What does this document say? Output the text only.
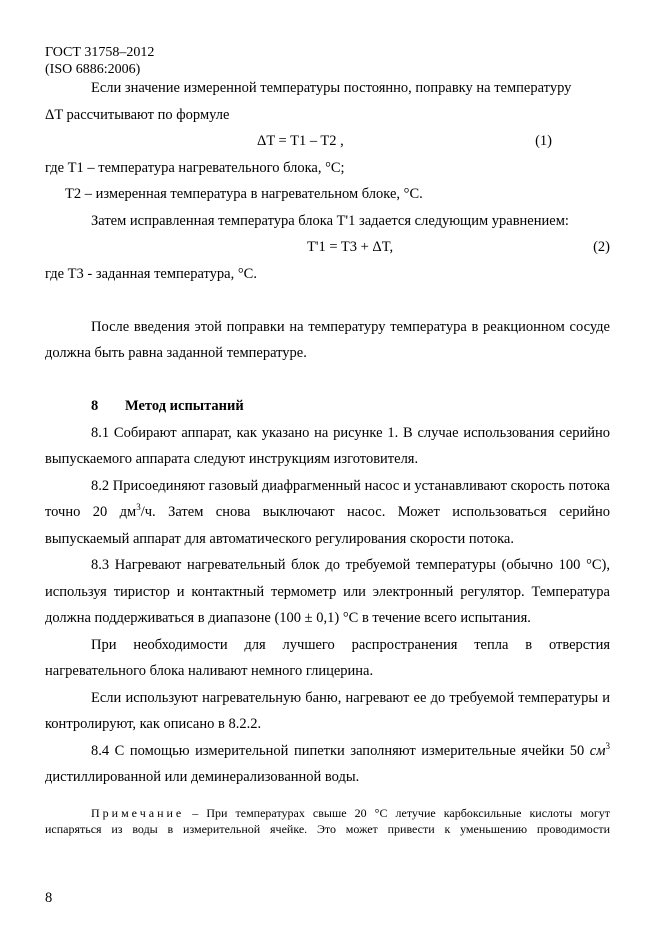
ГОСТ 31758–2012
(ISO 6886:2006)

Если значение измеренной температуры постоянно, поправку на температуру

ΔT рассчитывают по формуле

ΔT = T1 – T2 ,	(1)

где T1 – температура нагревательного блока, °C;

T2 – измеренная температура в нагревательном блоке, °C.

Затем исправленная температура блока T'1 задается следующим уравнением:

T'1 = T3 + ΔT,	(2)

где T3 - заданная температура, °C.

После введения этой поправки на температуру температура в реакционном сосуде должна быть равна заданной температуре.

8 Метод испытаний

8.1 Собирают аппарат, как указано на рисунке 1. В случае использования серийно выпускаемого аппарата следуют инструкциям изготовителя.

8.2 Присоединяют газовый диафрагменный насос и устанавливают скорость потока точно 20 $дм^3/ч$. Затем снова выключают насос. Может использоваться серийно выпускаемый аппарат для автоматического регулирования скорости потока.

8.3 Нагревают нагревательный блок до требуемой температуры (обычно 100 °C), используя тиристор и контактный термометр или электронный регулятор. Температура должна поддерживаться в диапазоне (100 ± 0,1) °C в течение всего испытания.

При необходимости для лучшего распространения тепла в отверстия нагревательного блока наливают немного глицерина.

Если используют нагревательную баню, нагревают ее до требуемой температуры и контролируют, как описано в 8.2.2.

8.4 С помощью измерительной пипетки заполняют измерительные ячейки 50 $см^3$ дистиллированной или деминерализованной воды.

Примечание – При температурах свыше 20 °C летучие карбоксильные кислоты могут испаряться из воды в измерительной ячейке. Это может привести к уменьшению проводимости

8
